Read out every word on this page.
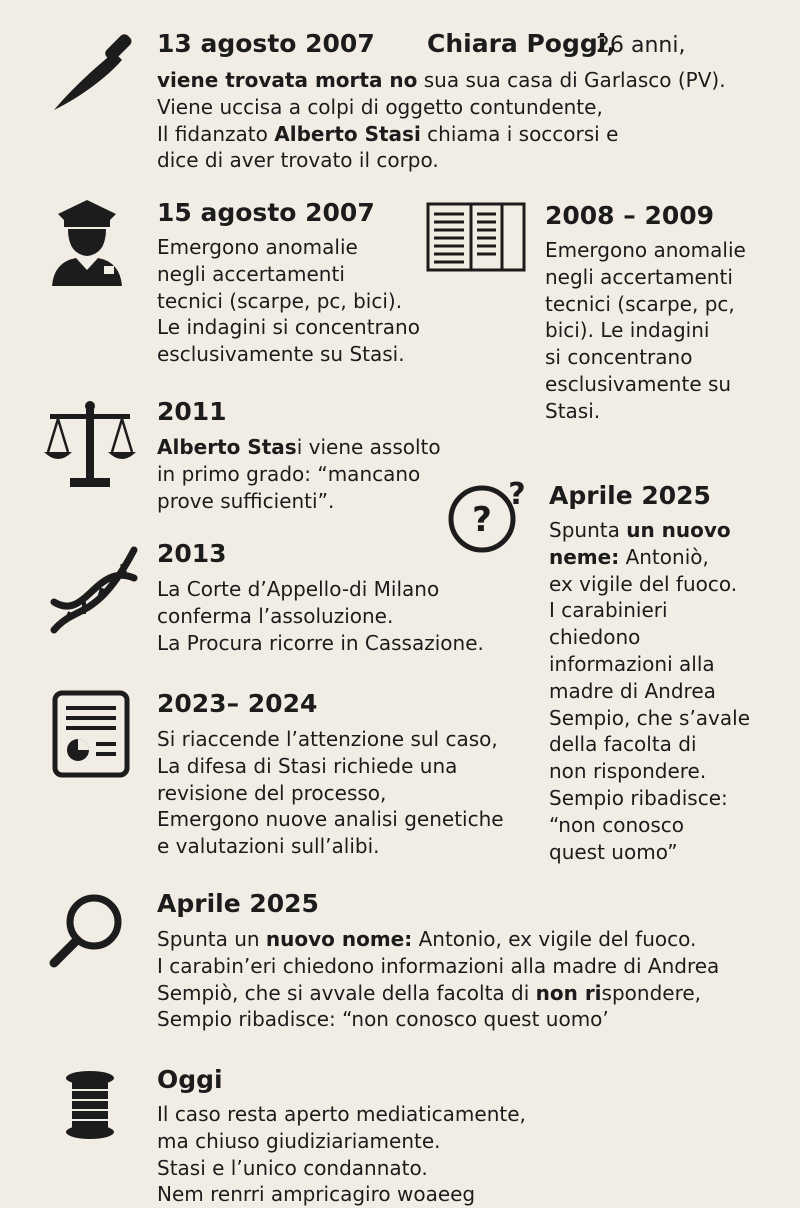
13 agosto 2007 Chiara Poggi,

26 anni,

viene trovata morta no sua sua casa di Garlasco (PV).
Viene uccisa a colpi di oggetto contundente,
Il fidanzato Alberto Stasi chiama i soccorsi e
dice di aver trovato il corpo.

15 agosto 2007

Emergono anomalie
negli accertamenti
tecnici (scarpe, pc, bici).
Le indagini si concentrano
esclusivamente su Stasi.

2008 – 2009

Emergono anomalie
negli accertamenti
tecnici (scarpe, pc,
bici). Le indagini
si concentrano
esclusivamente su
Stasi.

2011

Alberto Stasi viene assolto
in primo grado: “mancano
prove sufficienti”.	?
? Aprile 2025

Spunta un nuovo
neme: Antoniò,
ex vigile del fuoco.
I carabinieri
chiedono
informazioni alla
madre di Andrea
Sempio, che s’avale
della facolta di
non rispondere.
Sempio ribadisce:
“non conosco
quest uomo”

2013

La Corte d’Appello-di Milano
conferma l’assoluzione.
La Procura ricorre in Cassazione.

2023– 2024

Si riaccende l’attenzione sul caso,
La difesa di Stasi richiede una
revisione del processo,
Emergono nuove analisi genetiche
e valutazioni sull’alibi.

Aprile 2025

Spunta un nuovo nome: Antonio, ex vigile del fuoco.
I carabin’eri chiedono informazioni alla madre di Andrea
Sempiò, che si avvale della facolta di non rispondere,
Sempio ribadisce: “non conosco quest uomo’

Oggi

Il caso resta aperto mediaticamente,
ma chiuso giudiziariamente.
Stasi e l’unico condannato.
Nem renrri ampricagiro woaeeg
